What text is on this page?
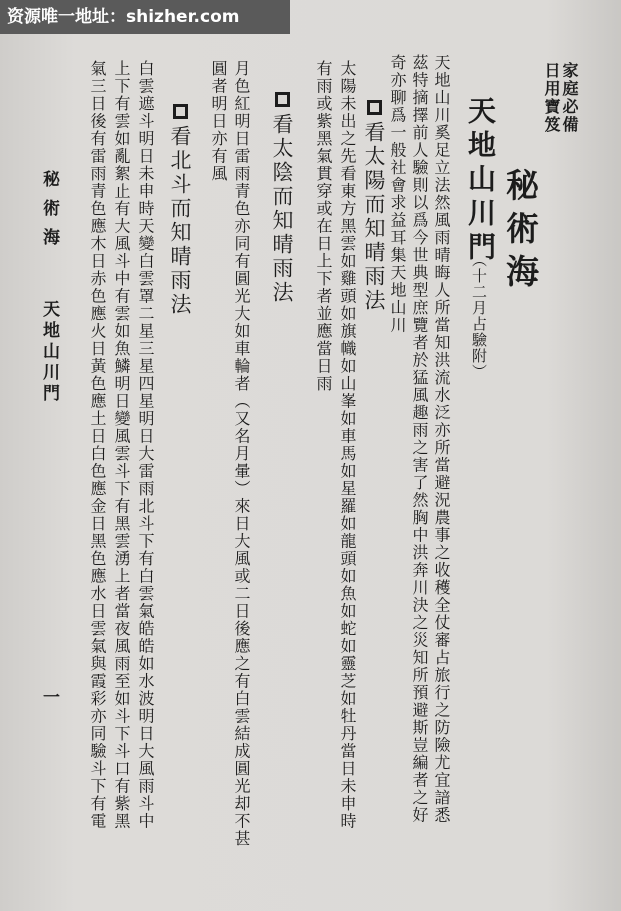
资源唯一地址：shizher.com
家庭必備
日用寶笈
秘術海
天地山川門
（十二月占驗附）
天地山川奚足立法然風雨晴晦人所當知洪流水泛亦所當避況農事之收穫全仗審占旅行之防險尤宜諳悉
茲特摘擇前人驗則以爲今世典型庶覽者於猛風趣雨之害了然胸中洪奔川決之災知所預避斯豈編者之好
奇亦聊爲一般社會求益耳集天地山川
看太陽而知晴雨法
太陽未出之先看東方黑雲如雞頭如旗幟如山峯如車馬如星羅如龍頭如魚如蛇如靈芝如牡丹當日未申時
有雨或紫黑氣貫穿或在日上下者並應當日雨
看太陰而知晴雨法
月色紅明日雷雨青色亦同有圓光大如車輪者（又名月暈）來日大風或二日後應之有白雲結成圓光却不甚
圓者明日亦有風
看北斗而知晴雨法
白雲遮斗明日未申時天變白雲罩二星三星四星明日大雷雨北斗下有白雲氣皓皓如水波明日大風雨斗中
上下有雲如亂絮止有大風斗中有雲如魚鱗明日變風雲斗下有黑雲湧上者當夜風雨至如斗下斗口有紫黑
氣三日後有雷雨青色應木日赤色應火日黃色應土日白色應金日黑色應水日雲氣與霞彩亦同驗斗下有電
秘術海
天地山川門
一
